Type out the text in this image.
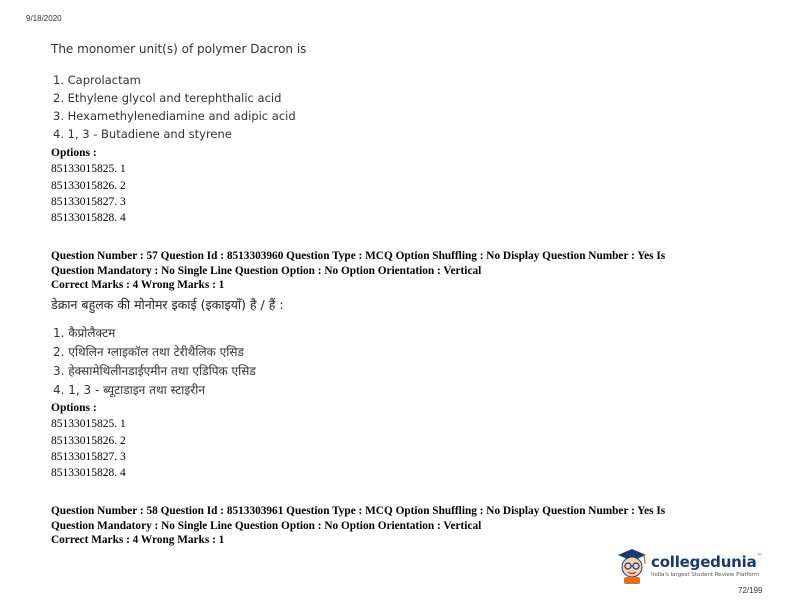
9/18/2020
The monomer unit(s) of polymer Dacron is
1. Caprolactam
2. Ethylene glycol and terephthalic acid
3. Hexamethylenediamine and adipic acid
4. 1, 3 - Butadiene and styrene
Options :
85133015825. 1
85133015826. 2
85133015827. 3
85133015828. 4
Question Number : 57 Question Id : 8513303960 Question Type : MCQ Option Shuffling : No Display Question Number : Yes Is
Question Mandatory : No Single Line Question Option : No Option Orientation : Vertical
Correct Marks : 4 Wrong Marks : 1
डेक्रान बहुलक की मोनोमर इकाई (इकाइयाँ) है / हैं :
1. कैप्रोलैक्टम
2. एथिलिन ग्लाइकॉल तथा टेरीथैलिक एसिड
3. हेक्सामेथिलीनडाईएमीन तथा एडिपिक एसिड
4. 1, 3 - ब्यूटाडाइन तथा स्टाइरीन
Options :
85133015825. 1
85133015826. 2
85133015827. 3
85133015828. 4
Question Number : 58 Question Id : 8513303961 Question Type : MCQ Option Shuffling : No Display Question Number : Yes Is
Question Mandatory : No Single Line Question Option : No Option Orientation : Vertical
Correct Marks : 4 Wrong Marks : 1
collegedunia™
India's largest Student Review Platform
72/199
